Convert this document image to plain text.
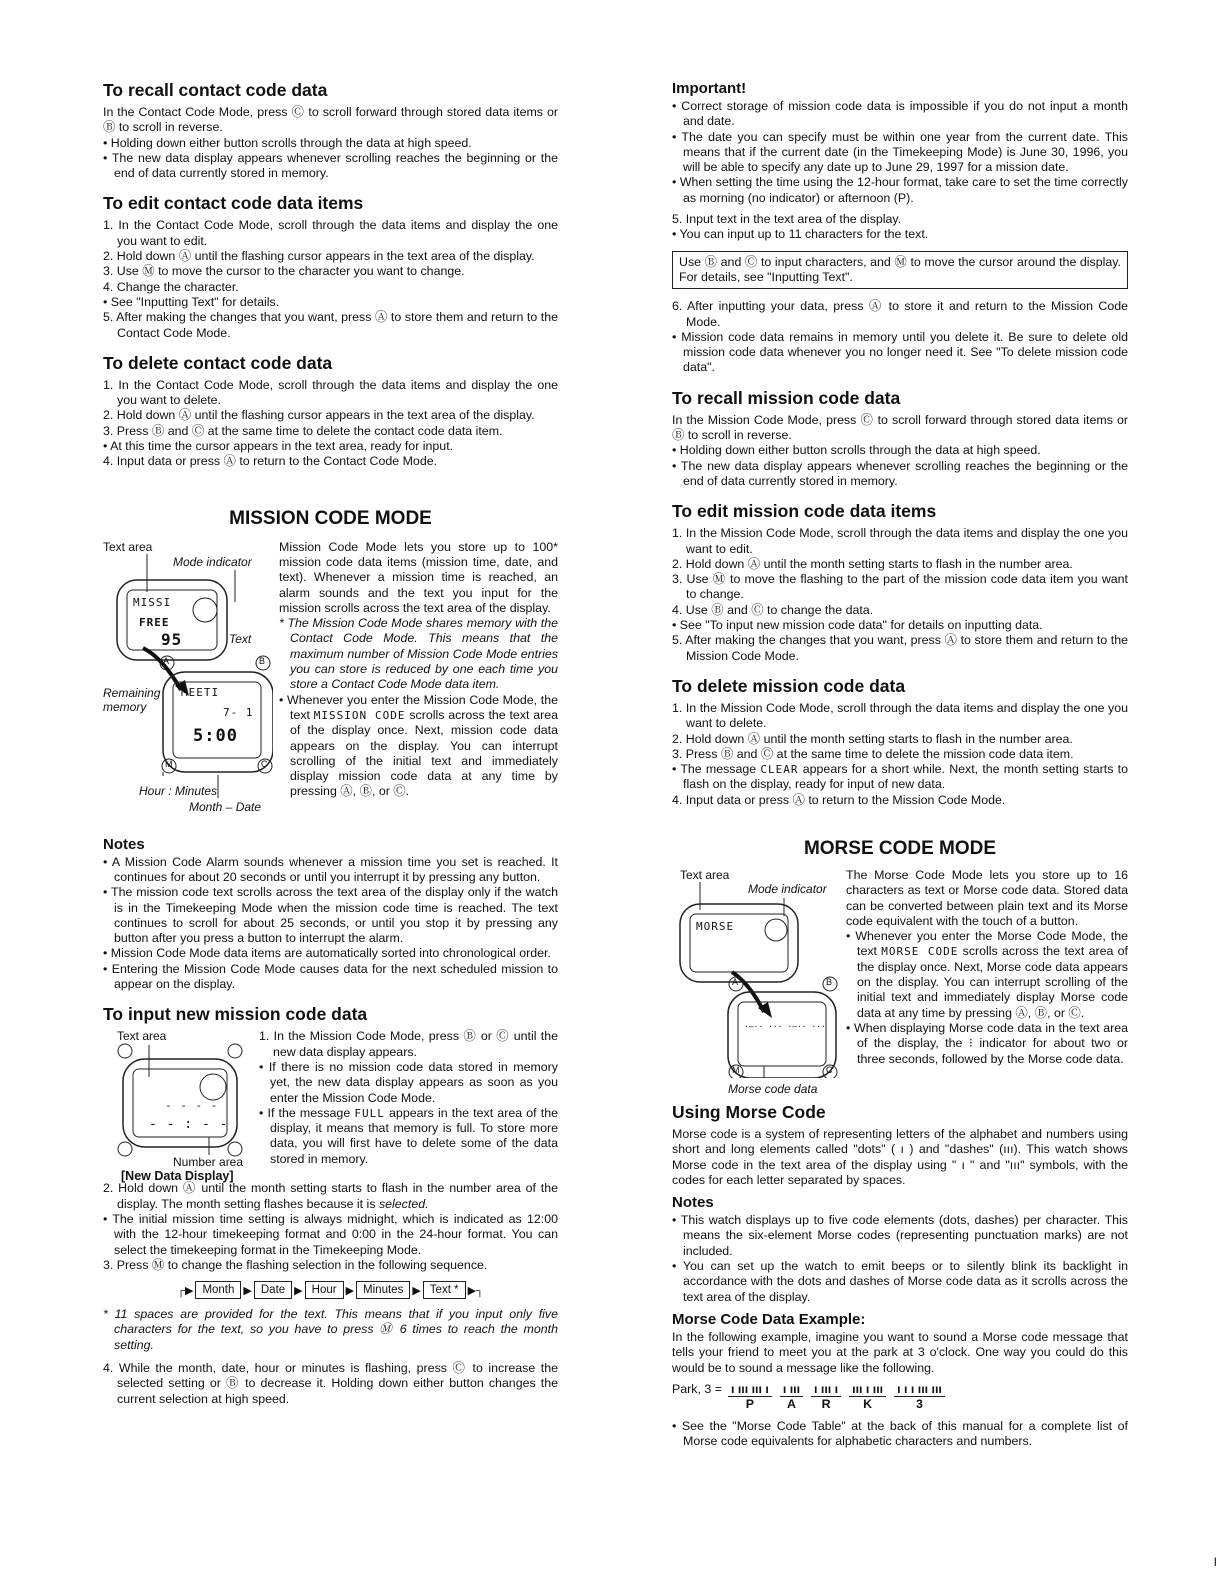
To recall contact code data

In the Contact Code Mode, press Ⓒ to scroll forward through stored data items or Ⓑ to scroll in reverse.

• Holding down either button scrolls through the data at high speed.
• The new data display appears whenever scrolling reaches the beginning or the end of data currently stored in memory.
To edit contact code data items
1. In the Contact Code Mode, scroll through the data items and display the one you want to edit.
2. Hold down Ⓐ until the flashing cursor appears in the text area of the display.
3. Use Ⓜ to move the cursor to the character you want to change.
4. Change the character.
• See "Inputting Text" for details.
5. After making the changes that you want, press Ⓐ to store them and return to the Contact Code Mode.
To delete contact code data
1. In the Contact Code Mode, scroll through the data items and display the one you want to delete.
2. Hold down Ⓐ until the flashing cursor appears in the text area of the display.
3. Press Ⓑ and Ⓒ at the same time to delete the contact code data item.
• At this time the cursor appears in the text area, ready for input.
4. Input data or press Ⓐ to return to the Contact Code Mode.
MISSION CODE MODE
Text area
Mode indicator
Text
Remaining
memory
Hour : Minutes
Month – Date
MISSI
FREE
95
MEETI
7- 1
5:00
A	B
M	C

Mission Code Mode lets you store up to 100* mission code data items (mission time, date, and text). Whenever a mission time is reached, an alarm sounds and the text you input for the mission scrolls across the text area of the display.

* The Mission Code Mode shares memory with the Contact Code Mode. This means that the maximum number of Mission Code Mode entries you can store is reduced by one each time you store a Contact Code Mode data item.

• Whenever you enter the Mission Code Mode, the text MISSION CODE scrolls across the text area of the display once. Next, mission code data appears on the display. You can interrupt scrolling of the initial text and immediately display mission code data at any time by pressing Ⓐ, Ⓑ, or Ⓒ.

Notes
• A Mission Code Alarm sounds whenever a mission time you set is reached. It continues for about 20 seconds or until you interrupt it by pressing any button.
• The mission code text scrolls across the text area of the display only if the watch is in the Timekeeping Mode when the mission code time is reached. The text continues to scroll for about 25 seconds, or until you stop it by pressing any button after you press a button to interrupt the alarm.
• Mission Code Mode data items are automatically sorted into chronological order.
• Entering the Mission Code Mode causes data for the next scheduled mission to appear on the display.
To input new mission code data
Text area
- - - -
- - : - -
Number area
[New Data Display]
1. In the Mission Code Mode, press Ⓑ or Ⓒ until the new data display appears.
• If there is no mission code data stored in memory yet, the new data display appears as soon as you enter the Mission Code Mode.
• If the message FULL appears in the text area of the display, it means that memory is full. To store more data, you will first have to delete some of the data stored in memory.
2. Hold down Ⓐ until the month setting starts to flash in the number area of the display. The month setting flashes because it is selected.
• The initial mission time setting is always midnight, which is indicated as 12:00 with the 12-hour timekeeping format and 0:00 in the 24-hour format. You can select the timekeeping format in the Timekeeping Mode.
3. Press Ⓜ to change the flashing selection in the following sequence.
┌▶ Month ▶ Date ▶ Hour ▶ Minutes ▶ Text * ▶┐

* 11 spaces are provided for the text. This means that if you input only five characters for the text, so you have to press Ⓜ 6 times to reach the month setting.

4. While the month, date, hour or minutes is flashing, press Ⓒ to increase the selected setting or Ⓑ to decrease it. Holding down either button changes the current selection at high speed.

Important!
• Correct storage of mission code data is impossible if you do not input a month and date.
• The date you can specify must be within one year from the current date. This means that if the current date (in the Timekeeping Mode) is June 30, 1996, you will be able to specify any date up to June 29, 1997 for a mission date.
• When setting the time using the 12-hour format, take care to set the time correctly as morning (no indicator) or afternoon (P).
5. Input text in the text area of the display.
• You can input up to 11 characters for the text.

Use Ⓑ and Ⓒ to input characters, and Ⓜ to move the cursor around the display. For details, see "Inputting Text".

6. After inputting your data, press Ⓐ to store it and return to the Mission Code Mode.
• Mission code data remains in memory until you delete it. Be sure to delete old mission code data whenever you no longer need it. See "To delete mission code data".
To recall mission code data

In the Mission Code Mode, press Ⓒ to scroll forward through stored data items or Ⓑ to scroll in reverse.

• Holding down either button scrolls through the data at high speed.
• The new data display appears whenever scrolling reaches the beginning or the end of data currently stored in memory.
To edit mission code data items
1. In the Mission Code Mode, scroll through the data items and display the one you want to edit.
2. Hold down Ⓐ until the month setting starts to flash in the number area.
3. Use Ⓜ to move the flashing to the part of the mission code data item you want to change.
4. Use Ⓑ and Ⓒ to change the data.
• See "To input new mission code data" for details on inputting data.
5. After making the changes that you want, press Ⓐ to store them and return to the Mission Code Mode.
To delete mission code data
1. In the Mission Code Mode, scroll through the data items and display the one you want to delete.
2. Hold down Ⓐ until the month setting starts to flash in the number area.
3. Press Ⓑ and Ⓒ at the same time to delete the mission code data item.
• The message CLEAR appears for a short while. Next, the month setting starts to flash on the display, ready for input of new data.
4. Input data or press Ⓐ to return to the Mission Code Mode.
MORSE CODE MODE
Text area
Mode indicator
MORSE
·–·· ··· ·–·· ···
A	B
M	C
Morse code data

The Morse Code Mode lets you store up to 16 characters as text or Morse code data. Stored data can be converted between plain text and its Morse code equivalent with the touch of a button.

• Whenever you enter the Morse Code Mode, the text MORSE CODE scrolls across the text area of the display once. Next, Morse code data appears on the display. You can interrupt scrolling of the initial text and immediately display Morse code data at any time by pressing Ⓐ, Ⓑ, or Ⓒ.

• When displaying Morse code data in the text area of the display, the ⁝ indicator for about two or three seconds, followed by the Morse code data.

Using Morse Code

Morse code is a system of representing letters of the alphabet and numbers using short and long elements called "dots" ( ı ) and "dashes" (ııı). This watch shows Morse code in the text area of the display using " ı " and "ııı" symbols, with the codes for each letter separated by spaces.

Notes
• This watch displays up to five code elements (dots, dashes) per character. This means the six-element Morse codes (representing punctuation marks) are not included.
• You can set up the watch to emit beeps or to silently blink its backlight in accordance with the dots and dashes of Morse code data as it scrolls across the text area of the display.
Morse Code Data Example:

In the following example, imagine you want to sound a Morse code message that tells your friend to meet you at the park at 3 o'clock. One way you could do this would be to sound a message like the following.

Park, 3 = ı ııı ııı ı
P
ı ııı
A
ı ııı ı
R
ııı ı ııı
K
ı ı ı ııı ııı
3

• See the "Morse Code Table" at the back of this manual for a complete list of Morse code equivalents for alphabetic characters and numbers.

I
